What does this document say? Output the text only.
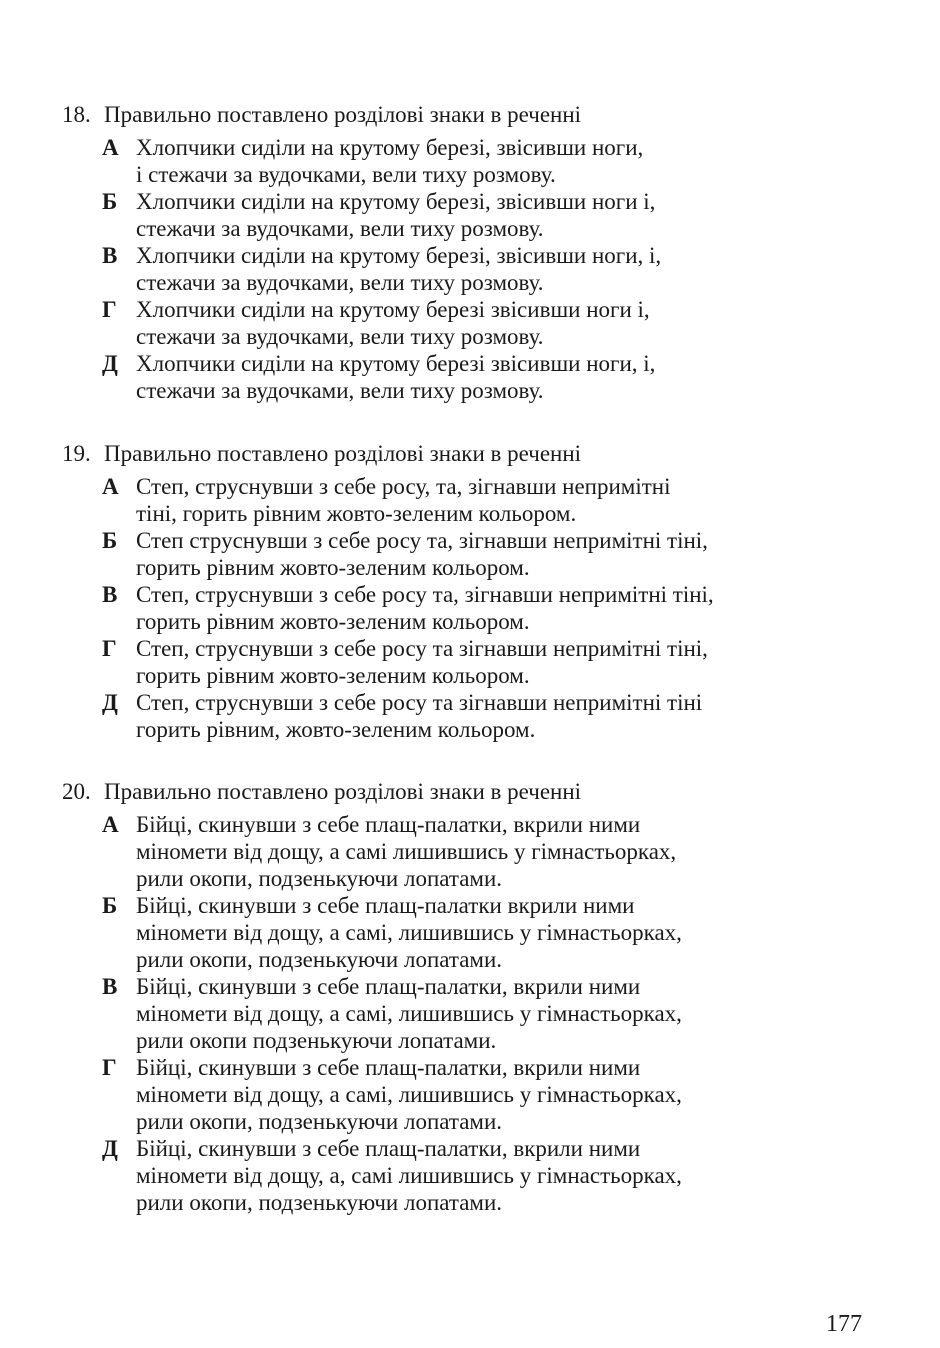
18. Правильно поставлено розділові знаки в реченні
А Хлопчики сиділи на крутому березі, звісивши ноги,
і стежачи за вудочками, вели тиху розмову.
Б Хлопчики сиділи на крутому березі, звісивши ноги і,
стежачи за вудочками, вели тиху розмову.
В Хлопчики сиділи на крутому березі, звісивши ноги, і,
стежачи за вудочками, вели тиху розмову.
Г Хлопчики сиділи на крутому березі звісивши ноги і,
стежачи за вудочками, вели тиху розмову.
Д Хлопчики сиділи на крутому березі звісивши ноги, і,
стежачи за вудочками, вели тиху розмову.
19. Правильно поставлено розділові знаки в реченні
А Степ, струснувши з себе росу, та, зігнавши непримітні
тіні, горить рівним жовто-зеленим кольором.
Б Степ струснувши з себе росу та, зігнавши непримітні тіні,
горить рівним жовто-зеленим кольором.
В Степ, струснувши з себе росу та, зігнавши непримітні тіні,
горить рівним жовто-зеленим кольором.
Г Степ, струснувши з себе росу та зігнавши непримітні тіні,
горить рівним жовто-зеленим кольором.
Д Степ, струснувши з себе росу та зігнавши непримітні тіні
горить рівним, жовто-зеленим кольором.
20. Правильно поставлено розділові знаки в реченні
А Бійці, скинувши з себе плащ-палатки, вкрили ними
міномети від дощу, а самі лишившись у гімнастьорках,
рили окопи, подзенькуючи лопатами.
Б Бійці, скинувши з себе плащ-палатки вкрили ними
міномети від дощу, а самі, лишившись у гімнастьорках,
рили окопи, подзенькуючи лопатами.
В Бійці, скинувши з себе плащ-палатки, вкрили ними
міномети від дощу, а самі, лишившись у гімнастьорках,
рили окопи подзенькуючи лопатами.
Г Бійці, скинувши з себе плащ-палатки, вкрили ними
міномети від дощу, а самі, лишившись у гімнастьорках,
рили окопи, подзенькуючи лопатами.
Д Бійці, скинувши з себе плащ-палатки, вкрили ними
міномети від дощу, а, самі лишившись у гімнастьорках,
рили окопи, подзенькуючи лопатами.
177
